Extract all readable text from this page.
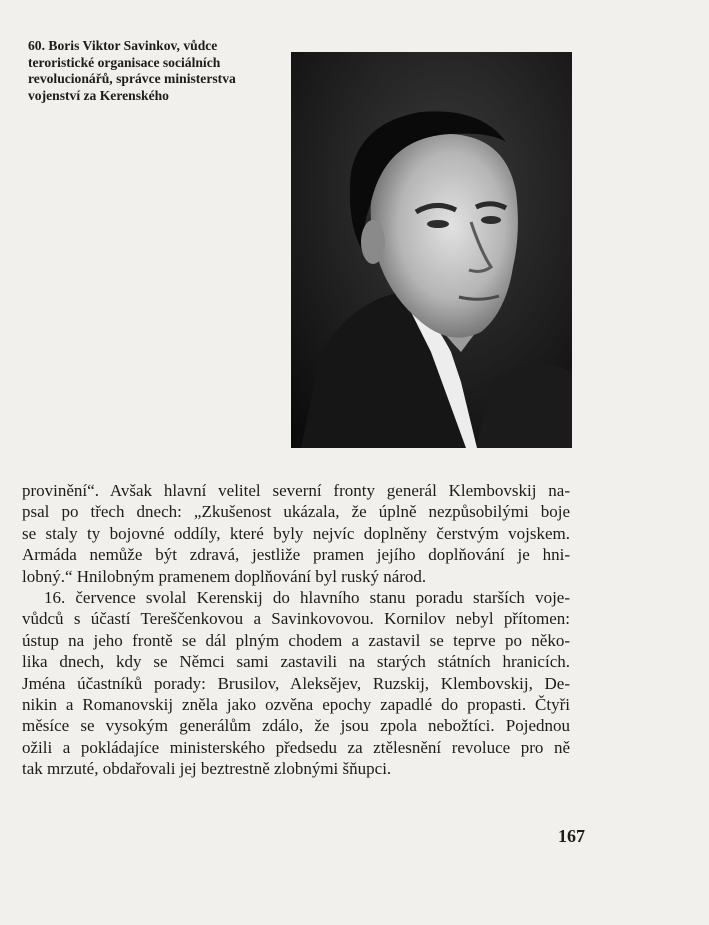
60. Boris Viktor Savinkov, vůdce
teroristické organisace sociálních
revolucionářů, správce ministerstva
vojenství za Kerenského
provinění“. Avšak hlavní velitel severní fronty generál Klembovskij na-
psal po třech dnech: „Zkušenost ukázala, že úplně nezpůsobilými boje
se staly ty bojovné oddíly, které byly nejvíc doplněny čerstvým vojskem.
Armáda nemůže být zdravá, jestliže pramen jejího doplňování je hni-
lobný.“ Hnilobným pramenem doplňování byl ruský národ.
16. července svolal Kerenskij do hlavního stanu poradu starších voje-
vůdců s účastí Tereščenkovou a Savinkovovou. Kornilov nebyl přítomen:
ústup na jeho frontě se dál plným chodem a zastavil se teprve po něko-
lika dnech, kdy se Němci sami zastavili na starých státních hranicích.
Jména účastníků porady: Brusilov, Aleksějev, Ruzskij, Klembovskij, De-
nikin a Romanovskij zněla jako ozvěna epochy zapadlé do propasti. Čtyři
měsíce se vysokým generálům zdálo, že jsou zpola nebožtíci. Pojednou
ožili a pokládajíce ministerského předsedu za ztělesnění revoluce pro ně
tak mrzuté, obdařovali jej beztrestně zlobnými šňupci.
167
